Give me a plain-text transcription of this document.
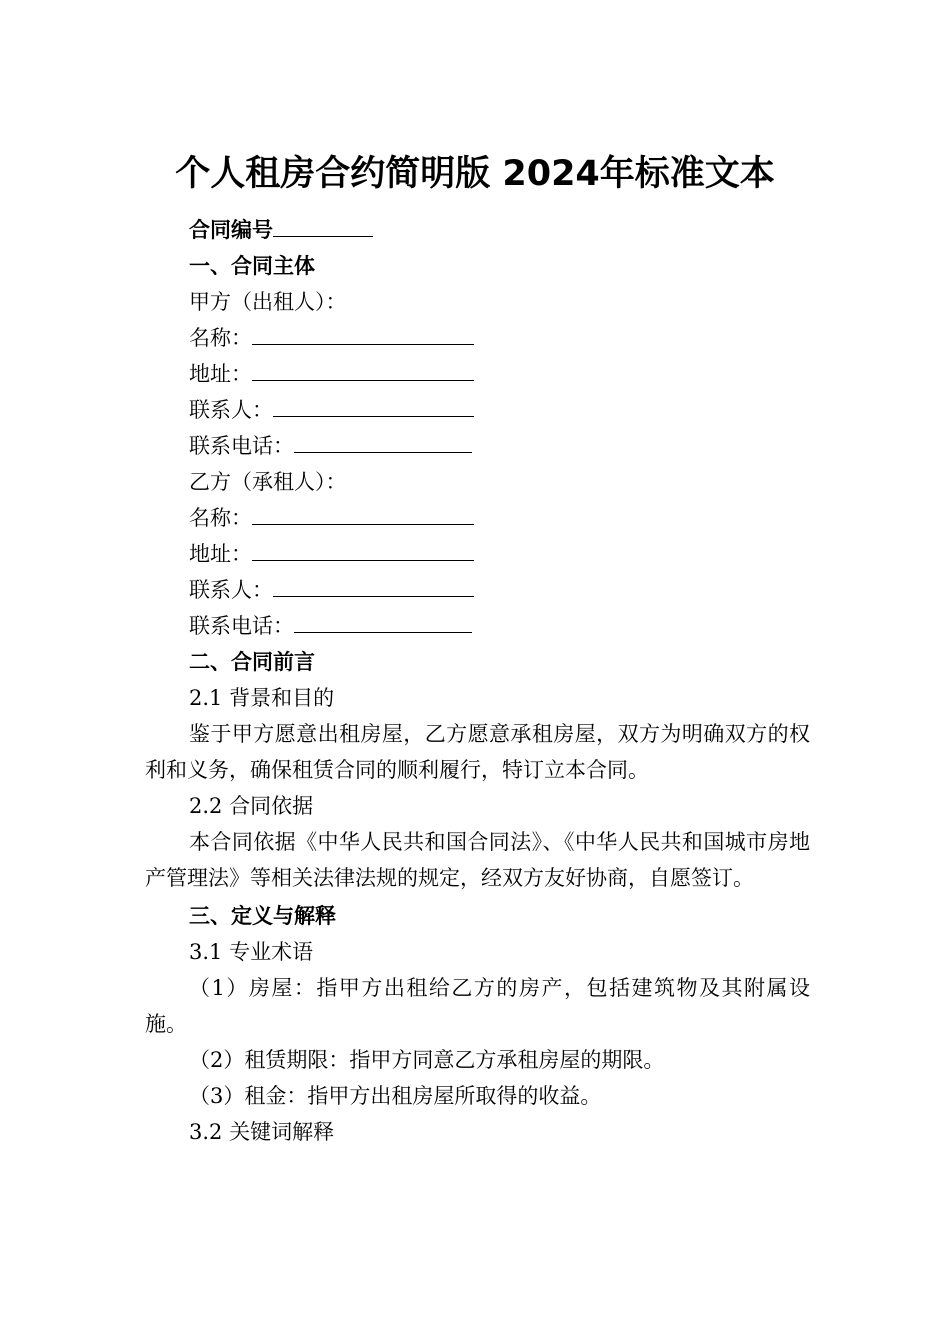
个人租房合约简明版 2024年标准文本
合同编号
一、合同主体
甲方（出租人）：
名称：
地址：
联系人：
联系电话：
乙方（承租人）：
名称：
地址：
联系人：
联系电话：
二、合同前言
2.1 背景和目的
鉴于甲方愿意出租房屋，乙方愿意承租房屋，双方为明确双方的权利和义务，确保租赁合同的顺利履行，特订立本合同。
2.2 合同依据
本合同依据《中华人民共和国合同法》、《中华人民共和国城市房地产管理法》等相关法律法规的规定，经双方友好协商，自愿签订。
三、定义与解释
3.1 专业术语
（1）房屋：指甲方出租给乙方的房产，包括建筑物及其附属设施。
（2）租赁期限：指甲方同意乙方承租房屋的期限。
（3）租金：指甲方出租房屋所取得的收益。
3.2 关键词解释
